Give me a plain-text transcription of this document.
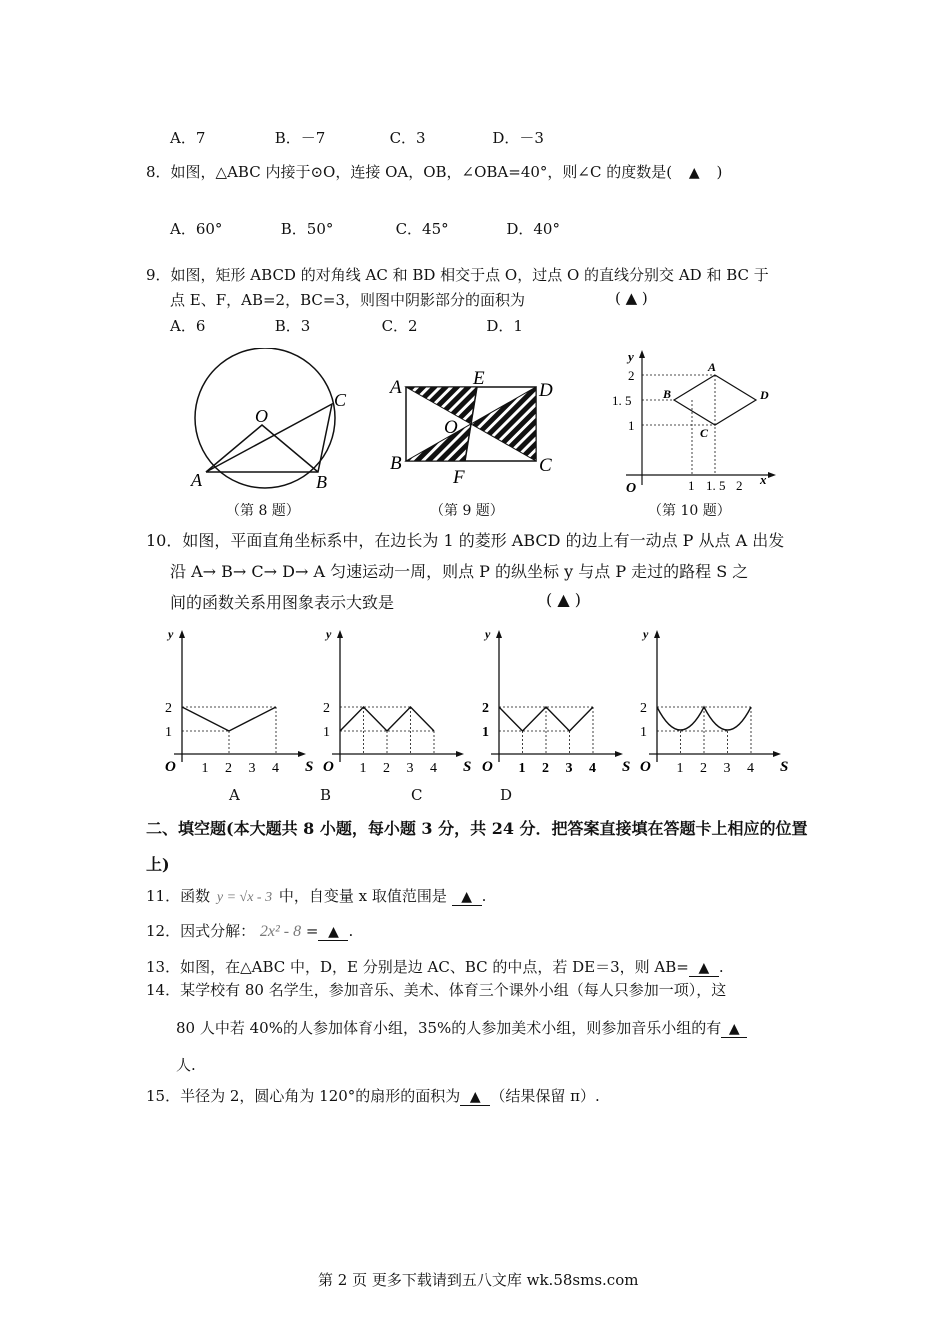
A．7	B．－7	C．3	D．－3
8．如图，△ABC 内接于⊙O，连接 OA，OB，∠OBA=40°，则∠C 的度数是( ▲ )
A．60°	B．50°	C．45°	D．40°
9．如图，矩形 ABCD 的对角线 AC 和 BD 相交于点 O，过点 O 的直线分别交 AD 和 BC 于
点 E、F，AB=2，BC=3，则图中阴影部分的面积为	( ▲ )
A．6	B．3	C．2	D．1
O
A	B
C
（第 8 题）
A	E
D
O
B
F
C
（第 9 题）
y
x
O
2
1. 5
1
1 1. 5 2
A
B
C
D
（第 10 题）
10．如图，平面直角坐标系中，在边长为 1 的菱形 ABCD 的边上有一动点 P 从点 A 出发
沿 A→ B→ C→ D→ A 匀速运动一周，则点 P 的纵坐标 y 与点 P 走过的路程 S 之
间的函数关系用图象表示大致是	( ▲ )
y
S
O
2
1
1 2 3 4
y
S
O
2
1
1 2 3 4
y
S
O
2
1
1 2 3 4
y
S
O
2
1
1 2 3 4
A	B	C	D
二、填空题(本大题共 8 小题，每小题 3 分，共 24 分．把答案直接填在答题卡上相应的位置
上)
11．函数 y = √x - 3 中，自变量 x 取值范围是 ▲ .
12．因式分解： 2x² - 8 = ▲ .
13．如图，在△ABC 中，D，E 分别是边 AC、BC 的中点，若 DE＝3，则 AB= ▲ .
14．某学校有 80 名学生，参加音乐、美术、体育三个课外小组（每人只参加一项），这
80 人中若 40%的人参加体育小组，35%的人参加美术小组，则参加音乐小组的有 ▲
人.
15．半径为 2，圆心角为 120°的扇形的面积为 ▲ （结果保留 π）.
第 2 页 更多下载请到五八文库 wk.58sms.com
